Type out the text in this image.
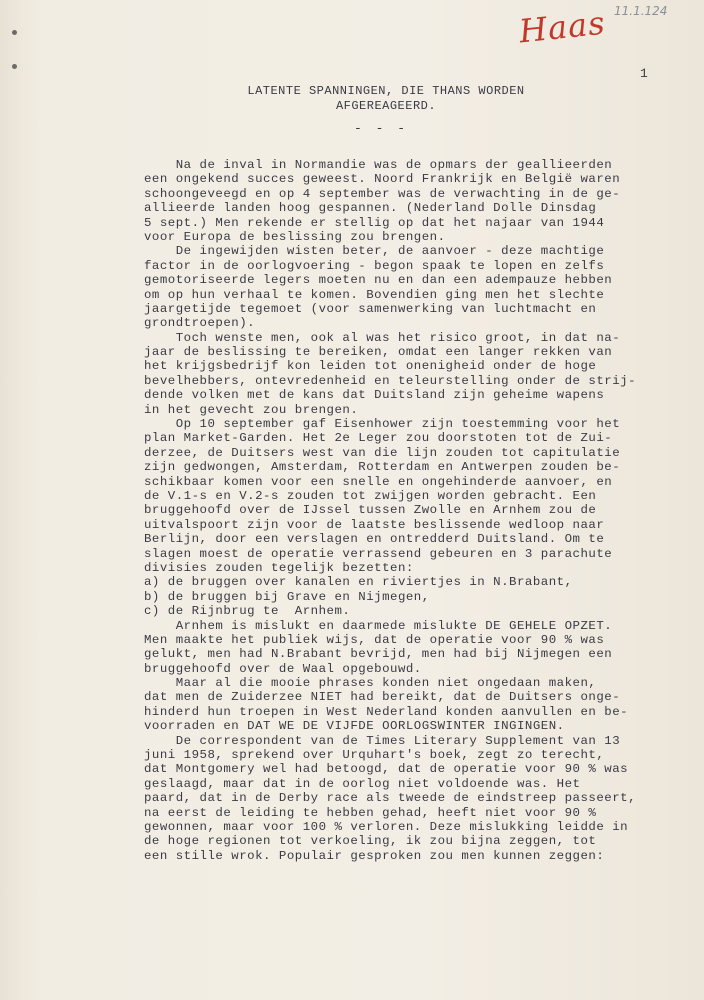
Haas 11.1.124
1
LATENTE SPANNINGEN, DIE THANS WORDEN
AFGEREAGEERD.
- - -
Na de inval in Normandie was de opmars der geallieerden
een ongekend succes geweest. Noord Frankrijk en België waren
schoongeveegd en op 4 september was de verwachting in de ge-
allieerde landen hoog gespannen. (Nederland Dolle Dinsdag
5 sept.) Men rekende er stellig op dat het najaar van 1944
voor Europa de beslissing zou brengen.
De ingewijden wisten beter, de aanvoer - deze machtige
factor in de oorlogvoering - begon spaak te lopen en zelfs
gemotoriseerde legers moeten nu en dan een adempauze hebben
om op hun verhaal te komen. Bovendien ging men het slechte
jaargetijde tegemoet (voor samenwerking van luchtmacht en
grondtroepen).
Toch wenste men, ook al was het risico groot, in dat na-
jaar de beslissing te bereiken, omdat een langer rekken van
het krijgsbedrijf kon leiden tot onenigheid onder de hoge
bevelhebbers, ontevredenheid en teleurstelling onder de strij-
dende volken met de kans dat Duitsland zijn geheime wapens
in het gevecht zou brengen.
Op 10 september gaf Eisenhower zijn toestemming voor het
plan Market-Garden. Het 2e Leger zou doorstoten tot de Zui-
derzee, de Duitsers west van die lijn zouden tot capitulatie
zijn gedwongen, Amsterdam, Rotterdam en Antwerpen zouden be-
schikbaar komen voor een snelle en ongehinderde aanvoer, en
de V.1-s en V.2-s zouden tot zwijgen worden gebracht. Een
bruggehoofd over de IJssel tussen Zwolle en Arnhem zou de
uitvalspoort zijn voor de laatste beslissende wedloop naar
Berlijn, door een verslagen en ontredderd Duitsland. Om te
slagen moest de operatie verrassend gebeuren en 3 parachute
divisies zouden tegelijk bezetten:
a) de bruggen over kanalen en riviertjes in N.Brabant,
b) de bruggen bij Grave en Nijmegen,
c) de Rijnbrug te  Arnhem.
Arnhem is mislukt en daarmede mislukte DE GEHELE OPZET.
Men maakte het publiek wijs, dat de operatie voor 90 % was
gelukt, men had N.Brabant bevrijd, men had bij Nijmegen een
bruggehoofd over de Waal opgebouwd.
Maar al die mooie phrases konden niet ongedaan maken,
dat men de Zuiderzee NIET had bereikt, dat de Duitsers onge-
hinderd hun troepen in West Nederland konden aanvullen en be-
voorraden en DAT WE DE VIJFDE OORLOGSWINTER INGINGEN.
De correspondent van de Times Literary Supplement van 13
juni 1958, sprekend over Urquhart's boek, zegt zo terecht,
dat Montgomery wel had betoogd, dat de operatie voor 90 % was
geslaagd, maar dat in de oorlog niet voldoende was. Het
paard, dat in de Derby race als tweede de eindstreep passeert,
na eerst de leiding te hebben gehad, heeft niet voor 90 %
gewonnen, maar voor 100 % verloren. Deze mislukking leidde in
de hoge regionen tot verkoeling, ik zou bijna zeggen, tot
een stille wrok. Populair gesproken zou men kunnen zeggen:
